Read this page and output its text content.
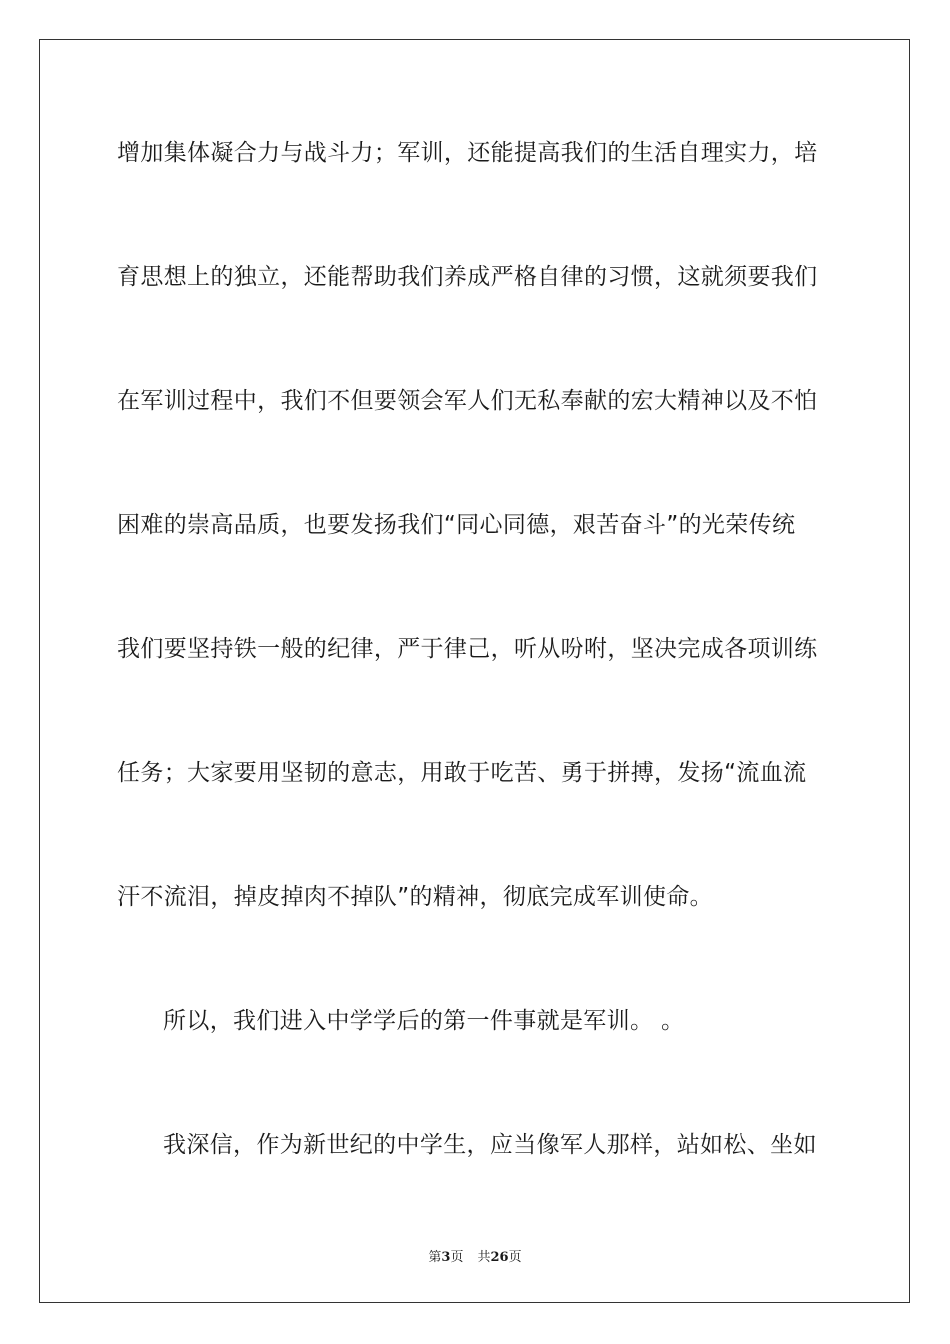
增加集体凝合力与战斗力；军训，还能提高我们的生活自理实力，培

育思想上的独立，还能帮助我们养成严格自律的习惯，这就须要我们

在军训过程中，我们不但要领会军人们无私奉献的宏大精神以及不怕

困难的崇高品质，也要发扬我们“同心同德，艰苦奋斗”的光荣传统

我们要坚持铁一般的纪律，严于律己，听从吩咐，坚决完成各项训练

任务；大家要用坚韧的意志，用敢于吃苦、勇于拼搏，发扬“流血流

汗不流泪，掉皮掉肉不掉队”的精神，彻底完成军训使命。

所以，我们进入中学学后的第一件事就是军训。 。

我深信，作为新世纪的中学生，应当像军人那样，站如松、坐如

第3页 共26页
